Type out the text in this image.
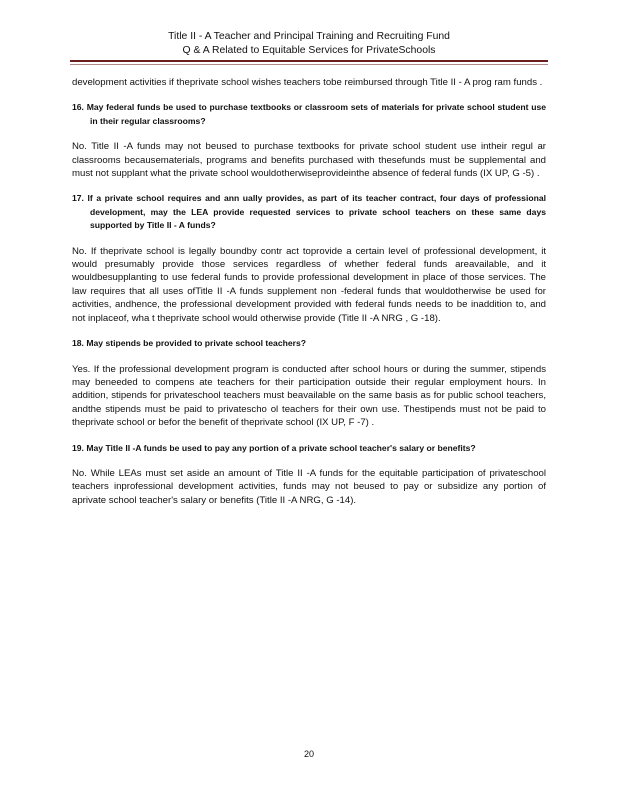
Title II - A Teacher and Principal Training and Recruiting Fund
Q & A Related to Equitable Services for PrivateSchools

development activities if theprivate school wishes teachers tobe reimbursed through Title II - A prog ram funds .

16. May federal funds be used to purchase textbooks or classroom sets of materials for private school student use in their regular classrooms?

No. Title II -A funds may not beused to purchase textbooks for private school student use intheir regul ar classrooms becausematerials, programs and benefits purchased with thesefunds must be supplemental and must not supplant what the private school wouldotherwiseprovideinthe absence of federal funds (IX UP, G -5) .

17. If a private school requires and ann ually provides, as part of its teacher contract, four days of professional development, may the LEA provide requested services to private school teachers on these same days supported by Title II - A funds?

No. If theprivate school is legally boundby contr act toprovide a certain level of professional development, it would presumably provide those services regardless of whether federal funds areavailable, and it wouldbesupplanting to use federal funds to provide professional development in place of those services. The law requires that all uses ofTitle II -A funds supplement non -federal funds that wouldotherwise be used for activities, andhence, the professional development provided with federal funds needs to be inaddition to, and not inplaceof, wha t theprivate school would otherwise provide (Title II -A NRG , G -18).

18. May stipends be provided to private school teachers?

Yes. If the professional development program is conducted after school hours or during the summer, stipends may beneeded to compens ate teachers for their participation outside their regular employment hours. In addition, stipends for privateschool teachers must beavailable on the same basis as for public school teachers, andthe stipends must be paid to privatescho ol teachers for their own use. Thestipends must not be paid to theprivate school or befor the benefit of theprivate school (IX UP, F -7) .

19. May Title II -A funds be used to pay any portion of a private school teacher's salary or benefits?

No. While LEAs must set aside an amount of Title II -A funds for the equitable participation of privateschool teachers inprofessional development activities, funds may not beused to pay or subsidize any portion of aprivate school teacher's salary or benefits (Title II -A NRG, G -14).

20
